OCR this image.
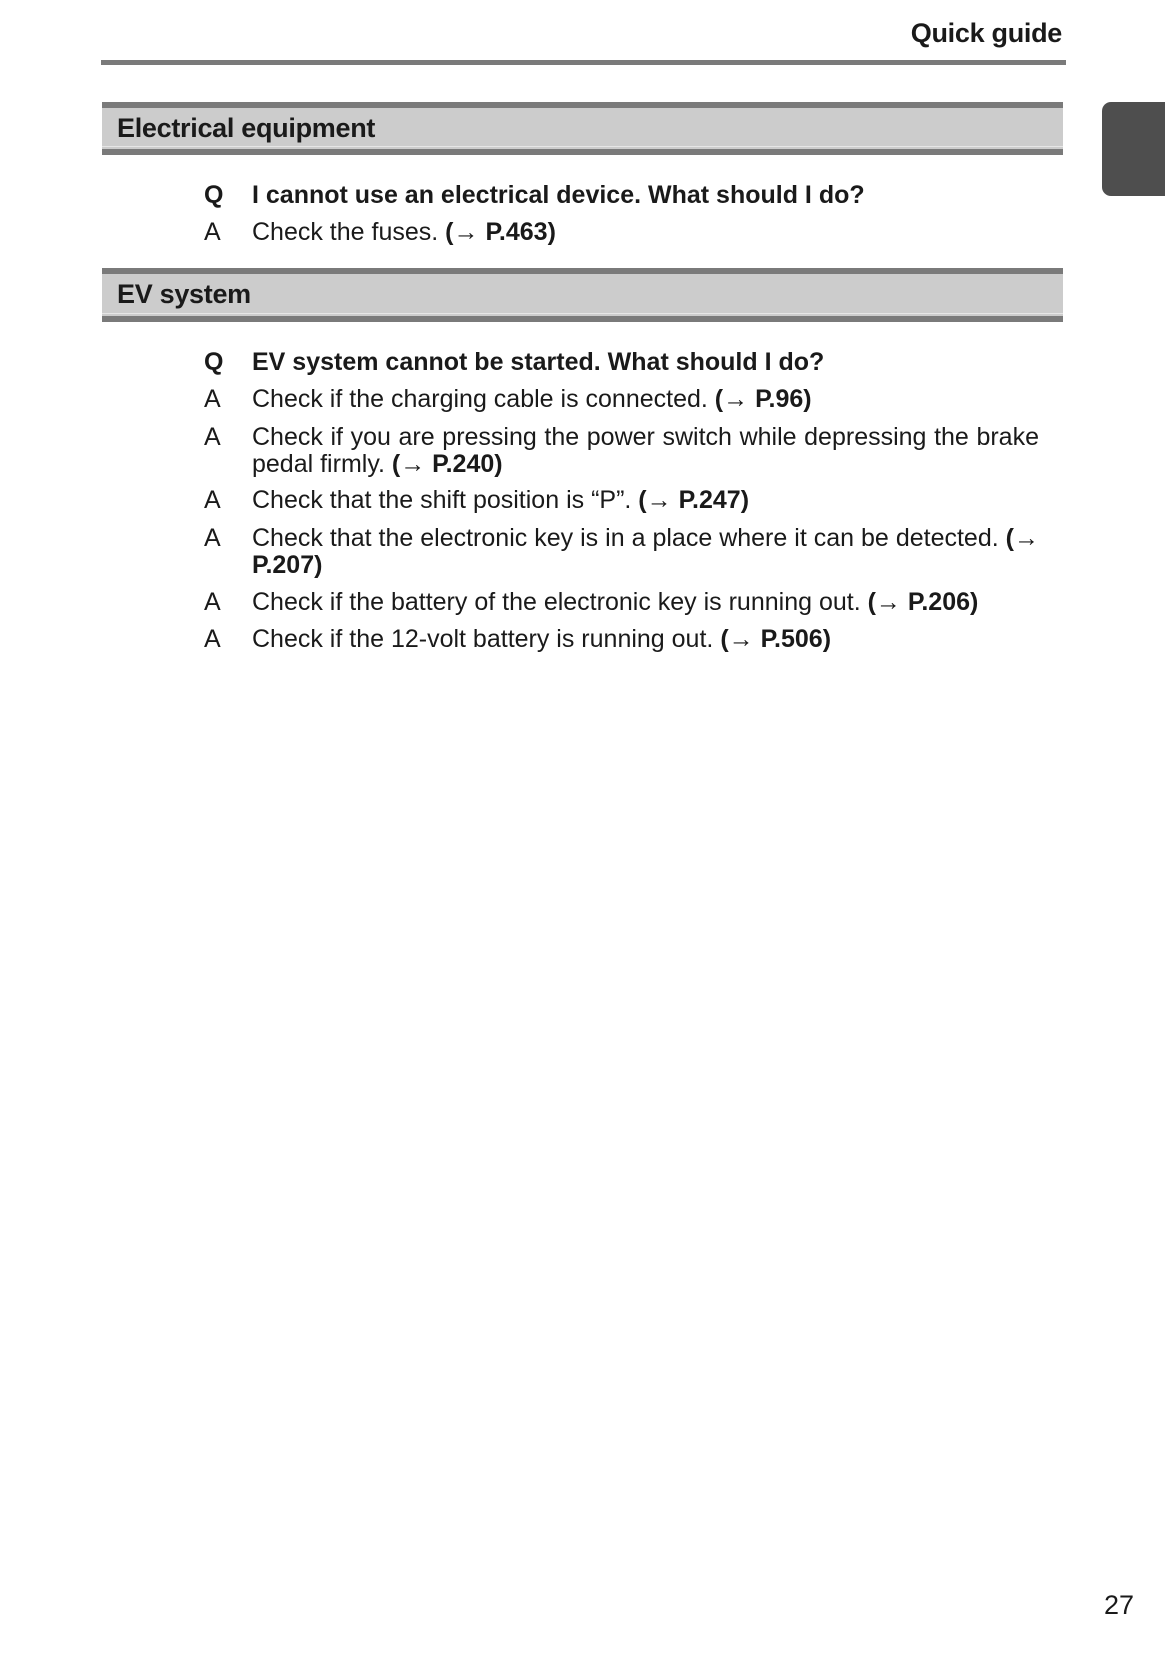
Quick guide
Electrical equipment
Q	I cannot use an electrical device. What should I do?
A	Check the fuses. (→ P.463)
EV system
Q	EV system cannot be started. What should I do?
A	Check if the charging cable is connected. (→ P.96)
A	Check if you are pressing the power switch while depressing the brake pedal firmly. (→ P.240)
A	Check that the shift position is “P”. (→ P.247)
A	Check that the electronic key is in a place where it can be detected. (→ P.207)
A	Check if the battery of the electronic key is running out. (→ P.206)
A	Check if the 12-volt battery is running out. (→ P.506)
27
